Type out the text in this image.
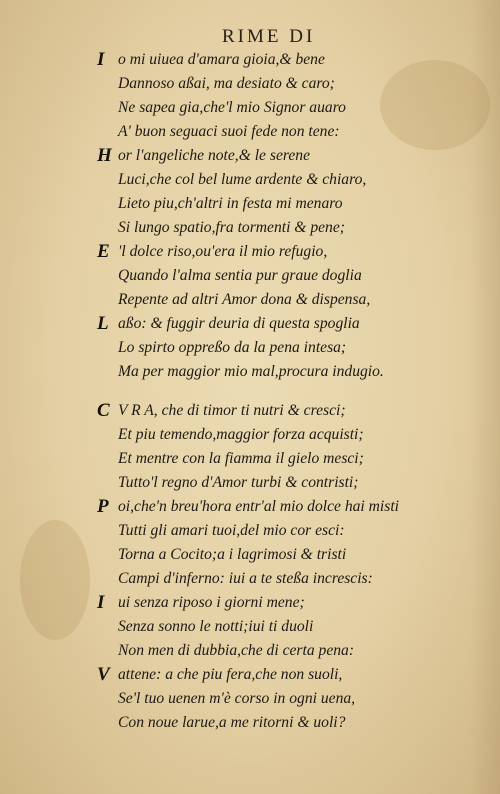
RIME DI
I o mi uiuea d'amara gioia,& bene
Dannoso aßai, ma desiato & caro;
Ne sapea gia,che'l mio Signor auaro
A' buon seguaci suoi fede non tene:
H or l'angeliche note,& le serene
Luci,che col bel lume ardente & chiaro,
Lieto piu,ch'altri in festa mi menaro
Si lungo spatio,fra tormenti & pene;
E 'l dolce riso,ou'era il mio refugio,
Quando l'alma sentia pur graue doglia
Repente ad altri Amor dona & dispensa,
L aßo: & fuggir deuria di questa spoglia
Lo spirto oppreßo da la pena intesa;
Ma per maggior mio mal,procura indugio.
C V R A, che di timor ti nutri & cresci;
Et piu temendo,maggior forza acquisti;
Et mentre con la fiamma il gielo mesci;
Tutto'l regno d'Amor turbi & contristi;
P oi,che'n breu'hora entr'al mio dolce hai misti
Tutti gli amari tuoi,del mio cor esci:
Torna a Cocito;a i lagrimosi & tristi
Campi d'inferno: iui a te steßa increscis:
I ui senza riposo i giorni mene;
Senza sonno le notti;iui ti duoli
Non men di dubbia,che di certa pena:
V attene: a che piu fera,che non suoli,
Se'l tuo uenen m'è corso in ogni uena,
Con noue larue,a me ritorni & uoli?
